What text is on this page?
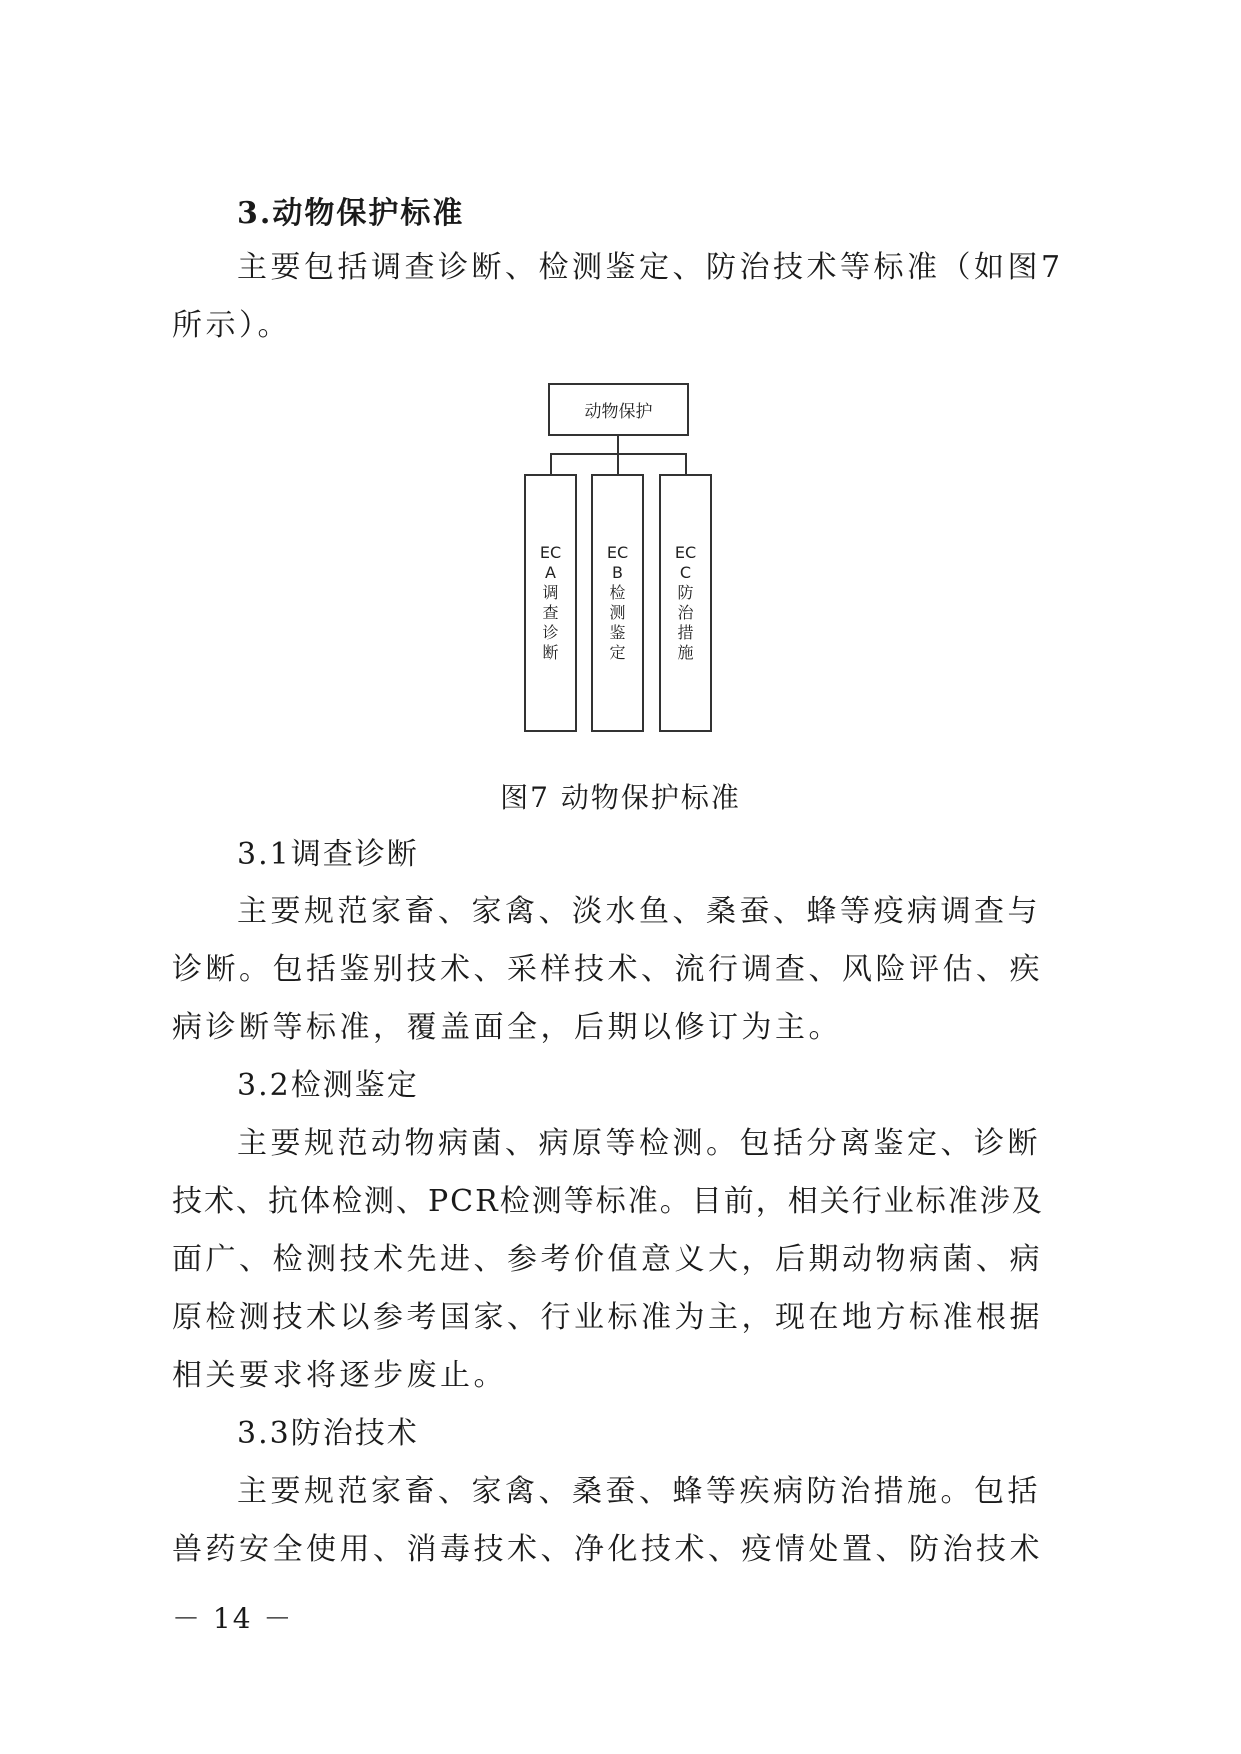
3.动物保护标准
主要包括调查诊断、检测鉴定、防治技术等标准（如图7
所示）。
动物保护
ECA调查诊断
ECB检测鉴定
ECC防治措施
图7 动物保护标准
3.1调查诊断
主要规范家畜、家禽、淡水鱼、桑蚕、蜂等疫病调查与
诊断。包括鉴别技术、采样技术、流行调查、风险评估、疾
病诊断等标准，覆盖面全，后期以修订为主。
3.2检测鉴定
主要规范动物病菌、病原等检测。包括分离鉴定、诊断
技术、抗体检测、PCR检测等标准。目前，相关行业标准涉及
面广、检测技术先进、参考价值意义大，后期动物病菌、病
原检测技术以参考国家、行业标准为主，现在地方标准根据
相关要求将逐步废止。
3.3防治技术
主要规范家畜、家禽、桑蚕、蜂等疾病防治措施。包括
兽药安全使用、消毒技术、净化技术、疫情处置、防治技术
－ 14 －
